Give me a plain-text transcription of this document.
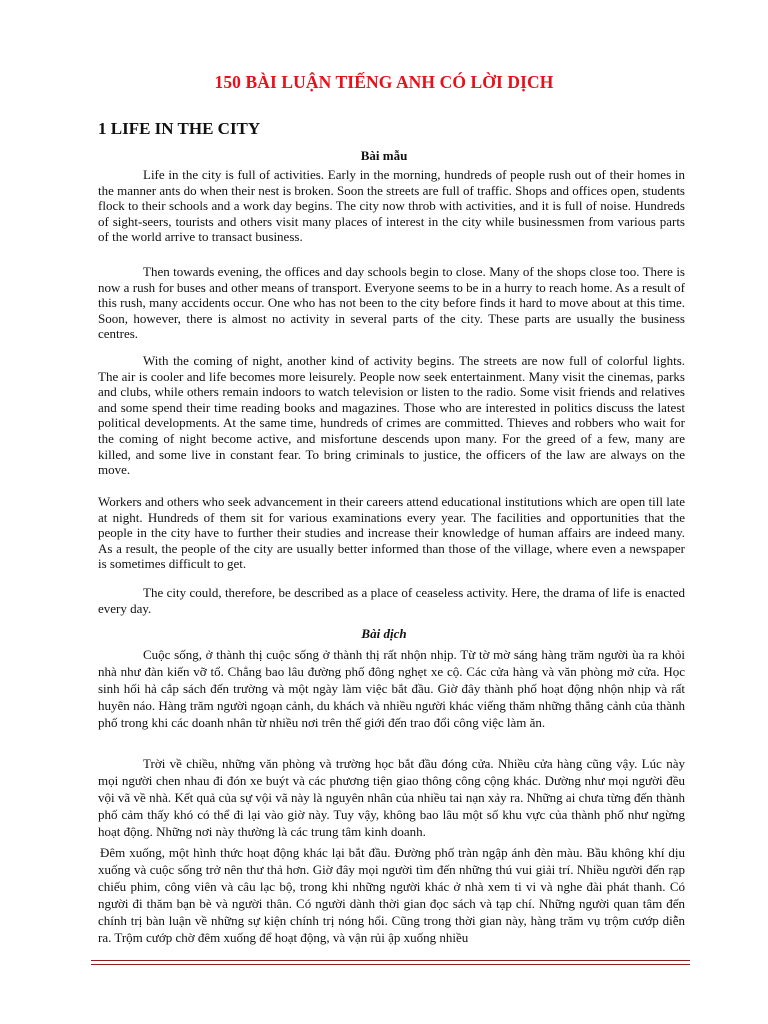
150 BÀI LUẬN TIẾNG ANH CÓ LỜI DỊCH
1 LIFE IN THE CITY
Bài mẫu

Life in the city is full of activities. Early in the morning, hundreds of people rush out of their homes in the manner ants do when their nest is broken. Soon the streets are full of traffic. Shops and offices open, students flock to their schools and a work day begins. The city now throb with activities, and it is full of noise. Hundreds of sight-seers, tourists and others visit many places of interest in the city while businessmen from various parts of the world arrive to transact business.

Then towards evening, the offices and day schools begin to close. Many of the shops close too. There is now a rush for buses and other means of transport. Everyone seems to be in a hurry to reach home. As a result of this rush, many accidents occur. One who has not been to the city before finds it hard to move about at this time. Soon, however, there is almost no activity in several parts of the city. These parts are usually the business centres.

With the coming of night, another kind of activity begins. The streets are now full of colorful lights. The air is cooler and life becomes more leisurely. People now seek entertainment. Many visit the cinemas, parks and clubs, while others remain indoors to watch television or listen to the radio. Some visit friends and relatives and some spend their time reading books and magazines. Those who are interested in politics discuss the latest political developments. At the same time, hundreds of crimes are committed. Thieves and robbers who wait for the coming of night become active, and misfortune descends upon many. For the greed of a few, many are killed, and some live in constant fear. To bring criminals to justice, the officers of the law are always on the move.

Workers and others who seek advancement in their careers attend educational institutions which are open till late at night. Hundreds of them sit for various examinations every year. The facilities and opportunities that the people in the city have to further their studies and increase their knowledge of human affairs are indeed many. As a result, the people of the city are usually better informed than those of the village, where even a newspaper is sometimes difficult to get.

The city could, therefore, be described as a place of ceaseless activity. Here, the drama of life is enacted every day.

Bài dịch

Cuộc sống, ở thành thị cuộc sống ở thành thị rất nhộn nhịp. Từ tờ mờ sáng hàng trăm người ùa ra khỏi nhà như đàn kiến vỡ tổ. Chẳng bao lâu đường phố đông nghẹt xe cộ. Các cửa hàng và văn phòng mở cửa. Học sinh hối hả cắp sách đến trường và một ngày làm việc bắt đầu. Giờ đây thành phố hoạt động nhộn nhịp và rất huyên náo. Hàng trăm người ngoạn cảnh, du khách và nhiều người khác viếng thăm những thắng cảnh của thành phố trong khi các doanh nhân từ nhiều nơi trên thế giới đến trao đổi công việc làm ăn.

Trời về chiều, những văn phòng và trường học bắt đầu đóng cửa. Nhiều cửa hàng cũng vậy. Lúc này mọi người chen nhau đi đón xe buýt và các phương tiện giao thông công cộng khác. Dường như mọi người đều vội vã về nhà. Kết quả của sự vội vã này là nguyên nhân của nhiều tai nạn xảy ra. Những ai chưa từng đến thành phố cảm thấy khó có thể đi lại vào giờ này. Tuy vậy, không bao lâu một số khu vực của thành phố như ngừng hoạt động. Những nơi này thường là các trung tâm kinh doanh.

Đêm xuống, một hình thức hoạt động khác lại bắt đầu. Đường phố tràn ngập ánh đèn màu. Bầu không khí dịu xuống và cuộc sống trở nên thư thả hơn. Giờ đây mọi người tìm đến những thú vui giải trí. Nhiều người đến rạp chiếu phim, công viên và câu lạc bộ, trong khi những người khác ở nhà xem ti vi và nghe đài phát thanh. Có người đi thăm bạn bè và người thân. Có người dành thời gian đọc sách và tạp chí. Những người quan tâm đến chính trị bàn luận về những sự kiện chính trị nóng hổi. Cũng trong thời gian này, hàng trăm vụ trộm cướp diễn ra. Trộm cướp chờ đêm xuống để hoạt động, và vận rủi ập xuống nhiều
